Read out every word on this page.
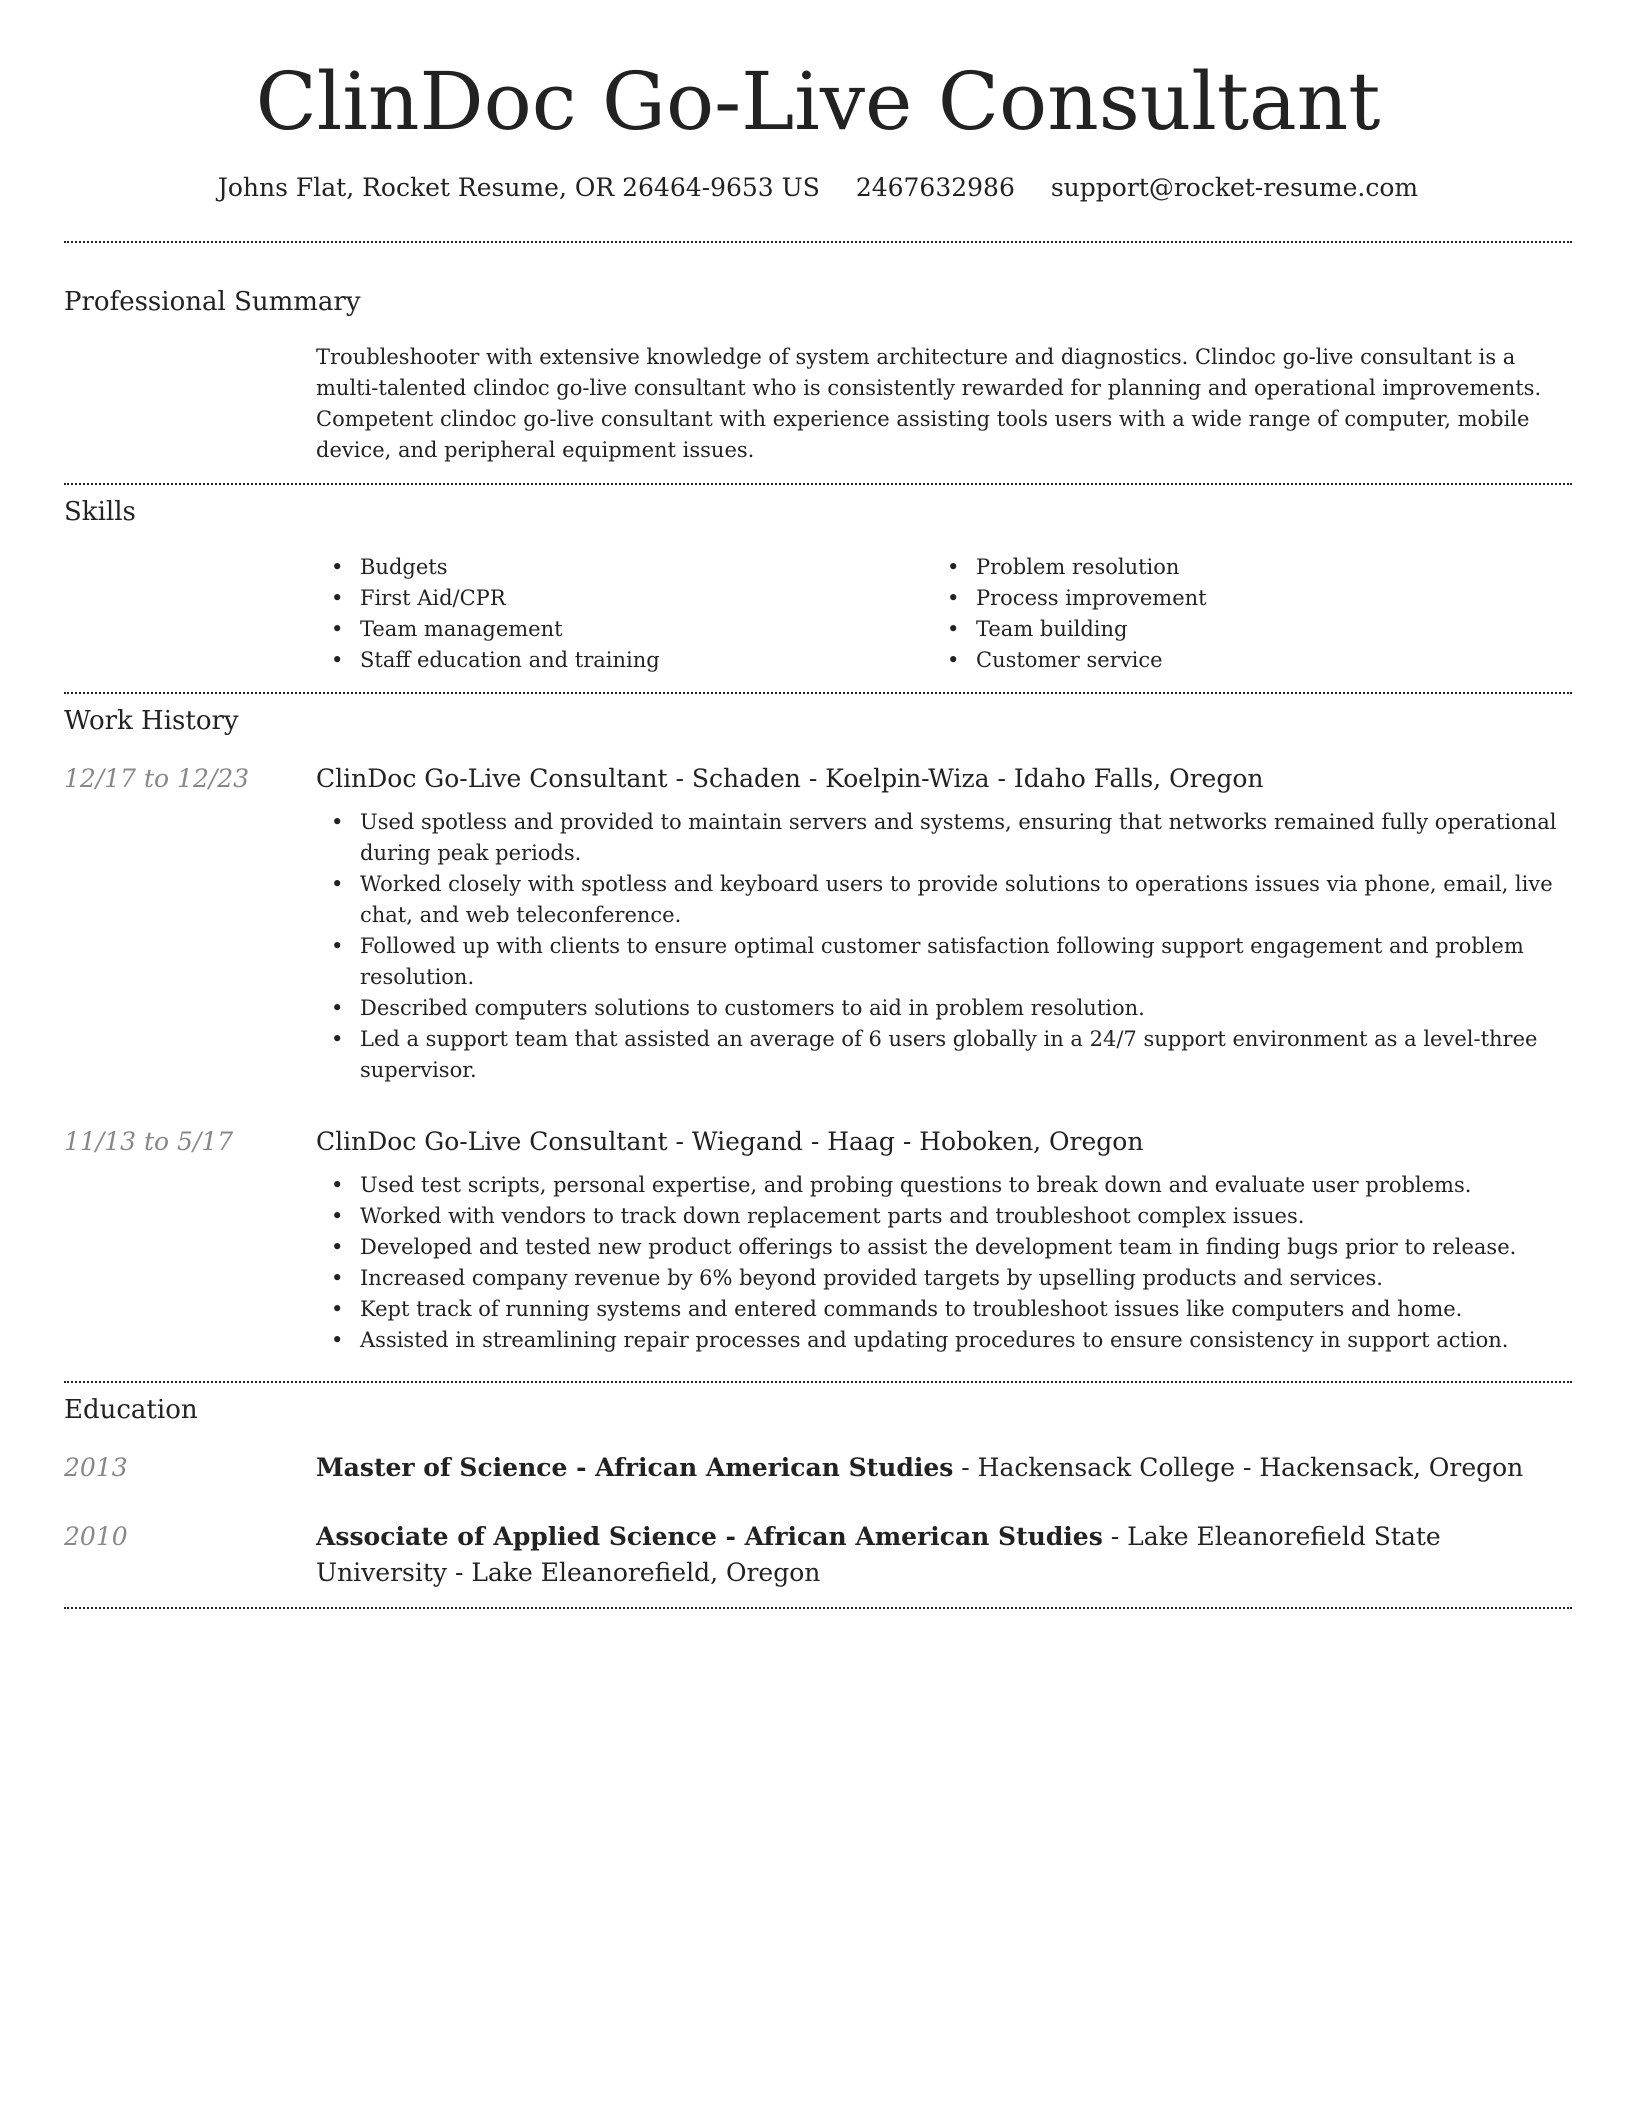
ClinDoc Go-Live Consultant
Johns Flat, Rocket Resume, OR 26464-9653 US 2467632986 support@rocket-resume.com
Professional Summary

Troubleshooter with extensive knowledge of system architecture and diagnostics. Clindoc go-live consultant is a multi-talented clindoc go-live consultant who is consistently rewarded for planning and operational improvements. Competent clindoc go-live consultant with experience assisting tools users with a wide range of computer, mobile device, and peripheral equipment issues.

Skills
• Budgets
• First Aid/CPR
• Team management
• Staff education and training
• Problem resolution
• Process improvement
• Team building
• Customer service
Work History
12/17 to 12/23	ClinDoc Go-Live Consultant - Schaden - Koelpin-Wiza - Idaho Falls, Oregon

• Used spotless and provided to maintain servers and systems, ensuring that networks remained fully operational during peak periods.
• Worked closely with spotless and keyboard users to provide solutions to operations issues via phone, email, live chat, and web teleconference.
• Followed up with clients to ensure optimal customer satisfaction following support engagement and problem resolution.
• Described computers solutions to customers to aid in problem resolution.
• Led a support team that assisted an average of 6 users globally in a 24/7 support environment as a level-three supervisor.
11/13 to 5/17	ClinDoc Go-Live Consultant - Wiegand - Haag - Hoboken, Oregon

• Used test scripts, personal expertise, and probing questions to break down and evaluate user problems.
• Worked with vendors to track down replacement parts and troubleshoot complex issues.
• Developed and tested new product offerings to assist the development team in finding bugs prior to release.
• Increased company revenue by 6% beyond provided targets by upselling products and services.
• Kept track of running systems and entered commands to troubleshoot issues like computers and home.
• Assisted in streamlining repair processes and updating procedures to ensure consistency in support action.
Education
2013	Master of Science - African American Studies - Hackensack College - Hackensack, Oregon

2010	Associate of Applied Science - African American Studies - Lake Eleanorefield State University - Lake Eleanorefield, Oregon
